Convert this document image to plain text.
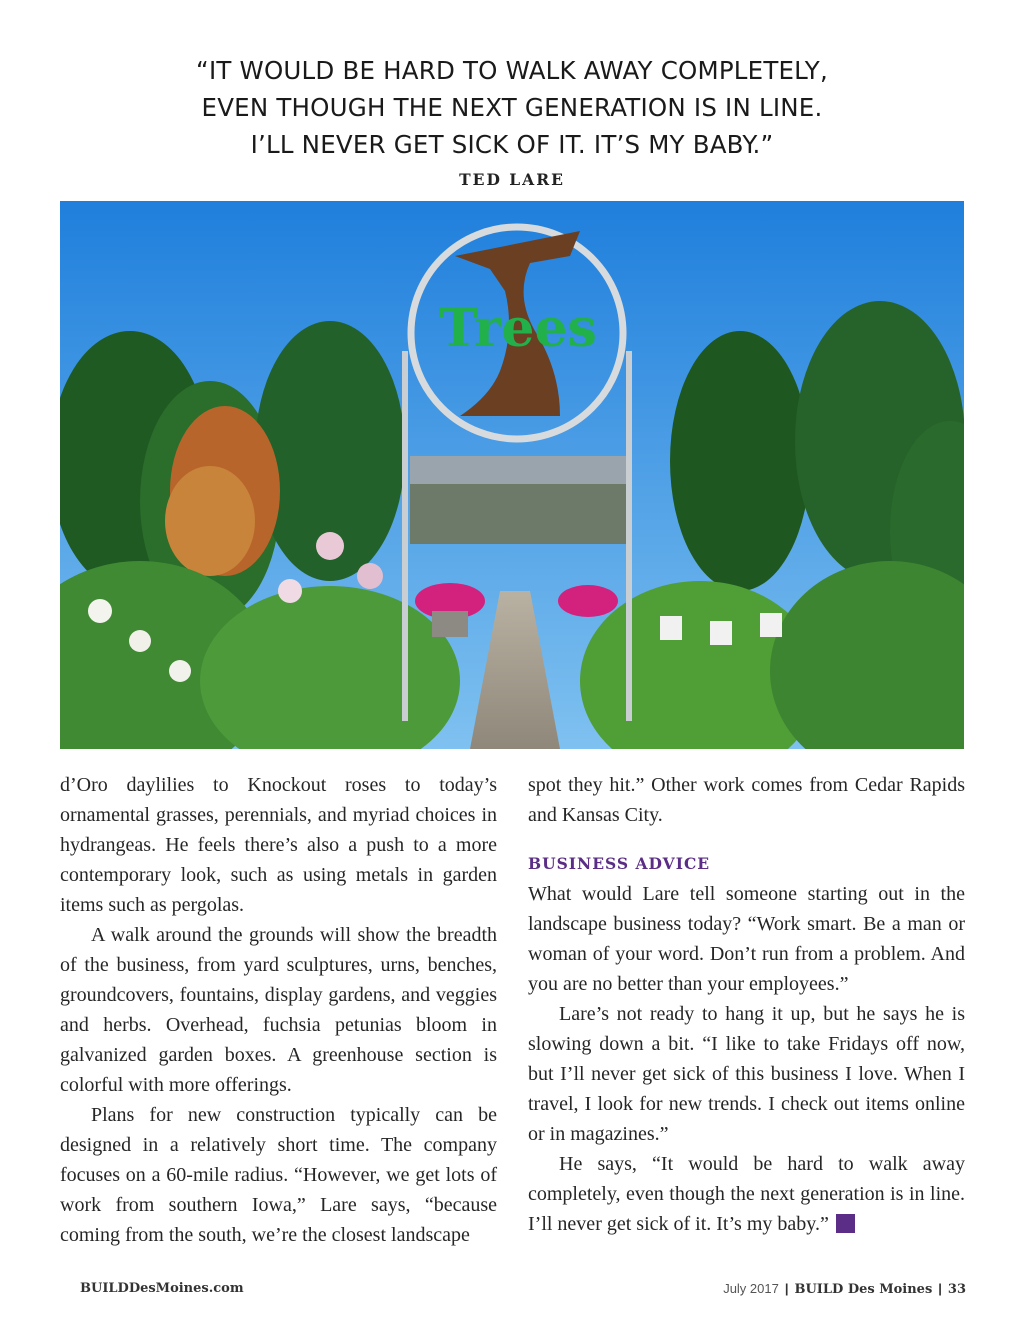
“IT WOULD BE HARD TO WALK AWAY COMPLETELY,
EVEN THOUGH THE NEXT GENERATION IS IN LINE.
I’LL NEVER GET SICK OF IT. IT’S MY BABY.”
TED LARE
Trees

d’Oro daylilies to Knockout roses to today’s ornamental grasses, perennials, and myriad choices in hydrangeas. He feels there’s also a push to a more contemporary look, such as using metals in garden items such as pergolas.

A walk around the grounds will show the breadth of the business, from yard sculptures, urns, benches, groundcovers, fountains, display gardens, and veggies and herbs. Overhead, fuchsia petunias bloom in galvanized garden boxes. A greenhouse section is colorful with more offerings.

Plans for new construction typically can be designed in a relatively short time. The company focuses on a 60-mile radius. “However, we get lots of work from southern Iowa,” Lare says, “because coming from the south, we’re the closest landscape

spot they hit.” Other work comes from Cedar Rapids and Kansas City.

BUSINESS ADVICE

What would Lare tell someone starting out in the landscape business today? “Work smart. Be a man or woman of your word. Don’t run from a problem. And you are no better than your employees.”

Lare’s not ready to hang it up, but he says he is slowing down a bit. “I like to take Fridays off now, but I’ll never get sick of this business I love. When I travel, I look for new trends. I check out items online or in magazines.”

He says, “It would be hard to walk away completely, even though the next generation is in line. I’ll never get sick of it. It’s my baby.”	B

BUILDDesMoines.com	July 2017 | BUILD Des Moines | 33
